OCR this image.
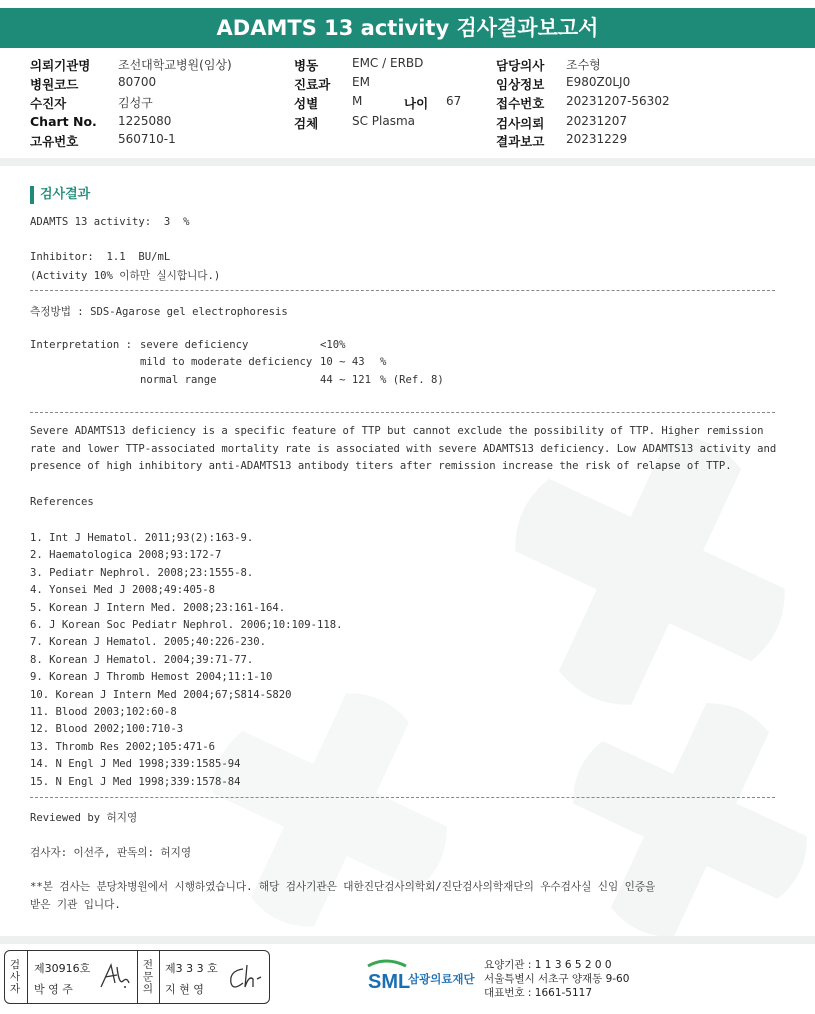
ADAMTS 13 activity 검사결과보고서
의뢰기관명 조선대학교병원(임상)	병동	EMC / ERBD	담당의사 조수형
병원코드	80700	진료과 EM	임상정보 E980Z0LJ0
수진자	김성구	성별	M	나이 67	접수번호 20231207-56302
Chart No. 1225080	검체	SC Plasma	검사의뢰 20231207
고유번호	560710-1	결과보고 20231229
검사결과
ADAMTS 13 activity:  3  %
Inhibitor:  1.1  BU/mL
(Activity 10% 이하만 실시합니다.)
측정방법 : SDS-Agarose gel electrophoresis
Interpretation : severe deficiency	<10%
mild to moderate deficiency 10 ~ 43 %
normal range	44 ~ 121 % (Ref. 8)
Severe ADAMTS13 deficiency is a specific feature of TTP but cannot exclude the possibility of TTP. Higher remission rate and lower TTP-associated mortality rate is associated with severe ADAMTS13 deficiency. Low ADAMTS13 activity and presence of high inhibitory anti-ADAMTS13 antibody titers after remission increase the risk of relapse of TTP.
References
1. Int J Hematol. 2011;93(2):163-9.
2. Haematologica 2008;93:172-7
3. Pediatr Nephrol. 2008;23:1555-8.
4. Yonsei Med J 2008;49:405-8
5. Korean J Intern Med. 2008;23:161-164.
6. J Korean Soc Pediatr Nephrol. 2006;10:109-118.
7. Korean J Hematol. 2005;40:226-230.
8. Korean J Hematol. 2004;39:71-77.
9. Korean J Thromb Hemost 2004;11:1-10
10. Korean J Intern Med 2004;67;S814-S820
11. Blood 2003;102:60-8
12. Blood 2002;100:710-3
13. Thromb Res 2002;105:471-6
14. N Engl J Med 1998;339:1585-94
15. N Engl J Med 1998;339:1578-84
Reviewed by 허지영
검사자: 이선주, 판독의: 허지영
**본 검사는 분당차병원에서 시행하였습니다. 해당 검사기관은 대한진단검사의학회/진단검사의학재단의 우수검사실 신임 인증을
받은 기관 입니다.
검사자
제30916호
박 영 주
전문의
제3 3 3 호
지 현 영	SML
삼광의료재단
요양기관 : 1 1 3 6 5 2 0 0
서울특별시 서초구 양재동 9-60
대표번호 : 1661-5117
